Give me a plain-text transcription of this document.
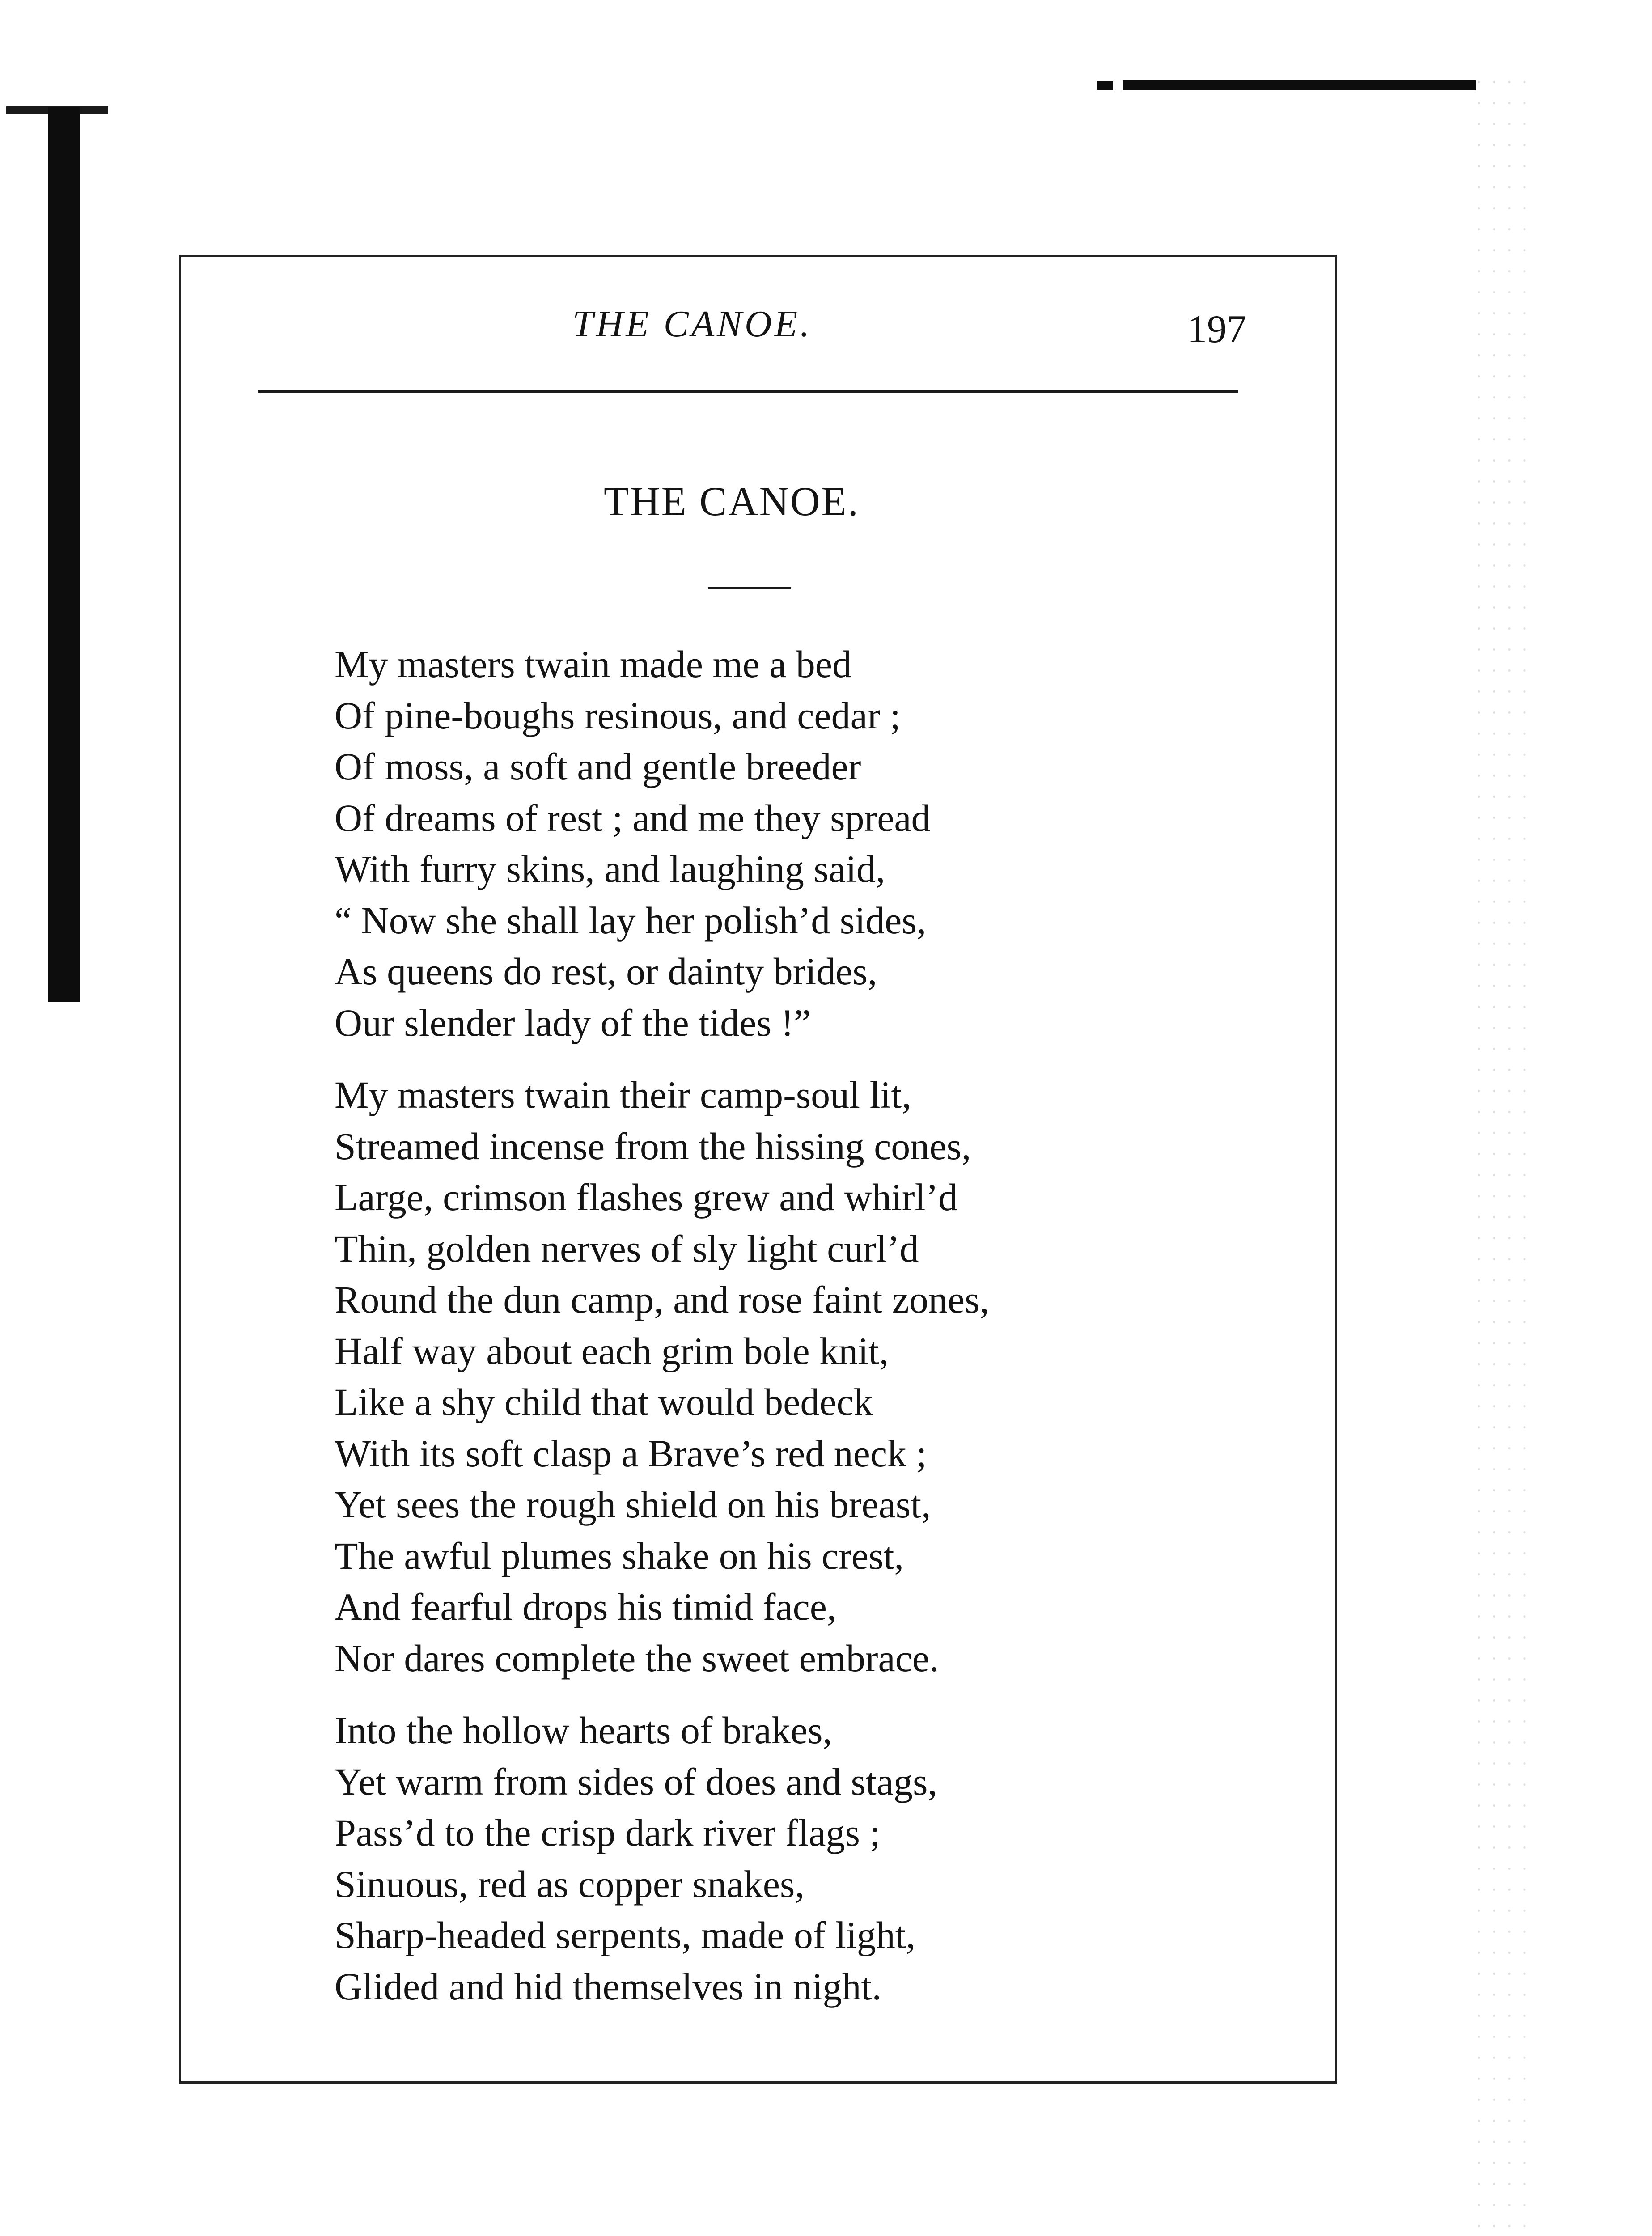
THE CANOE.	197
THE CANOE.
My masters twain made me a bed
Of pine-boughs resinous, and cedar ;
Of moss, a soft and gentle breeder
Of dreams of rest ; and me they spread
With furry skins, and laughing said,
“ Now she shall lay her polish’d sides,
As queens do rest, or dainty brides,
Our slender lady of the tides !”
My masters twain their camp-soul lit,
Streamed incense from the hissing cones,
Large, crimson flashes grew and whirl’d
Thin, golden nerves of sly light curl’d
Round the dun camp, and rose faint zones,
Half way about each grim bole knit,
Like a shy child that would bedeck
With its soft clasp a Brave’s red neck ;
Yet sees the rough shield on his breast,
The awful plumes shake on his crest,
And fearful drops his timid face,
Nor dares complete the sweet embrace.
Into the hollow hearts of brakes,
Yet warm from sides of does and stags,
Pass’d to the crisp dark river flags ;
Sinuous, red as copper snakes,
Sharp-headed serpents, made of light,
Glided and hid themselves in night.
